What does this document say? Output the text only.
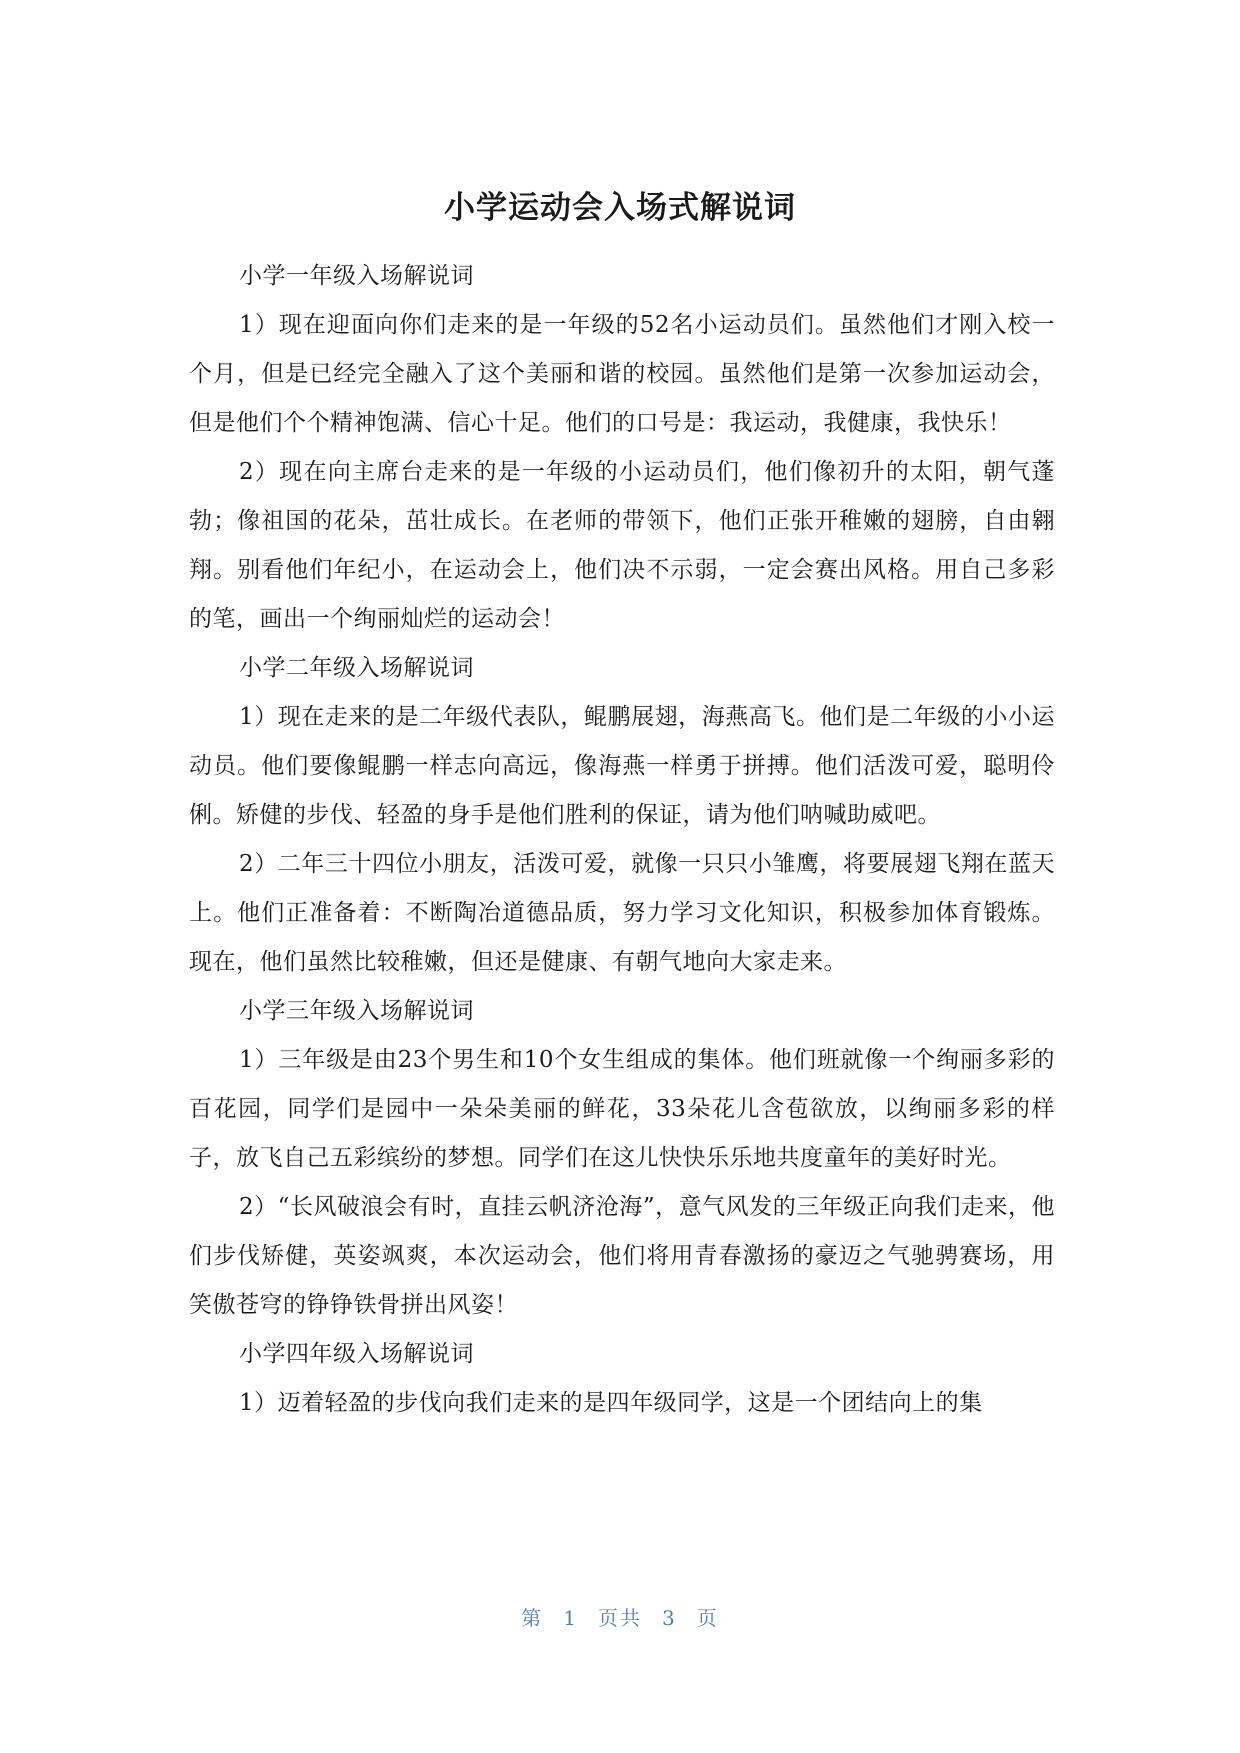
小学运动会入场式解说词

小学一年级入场解说词

1）现在迎面向你们走来的是一年级的52名小运动员们。虽然他们才刚入校一个月，但是已经完全融入了这个美丽和谐的校园。虽然他们是第一次参加运动会，但是他们个个精神饱满、信心十足。他们的口号是：我运动，我健康，我快乐！

2）现在向主席台走来的是一年级的小运动员们，他们像初升的太阳，朝气蓬勃；像祖国的花朵，茁壮成长。在老师的带领下，他们正张开稚嫩的翅膀，自由翱翔。别看他们年纪小，在运动会上，他们决不示弱，一定会赛出风格。用自己多彩的笔，画出一个绚丽灿烂的运动会！

小学二年级入场解说词

1）现在走来的是二年级代表队，鲲鹏展翅，海燕高飞。他们是二年级的小小运动员。他们要像鲲鹏一样志向高远，像海燕一样勇于拼搏。他们活泼可爱，聪明伶俐。矫健的步伐、轻盈的身手是他们胜利的保证，请为他们呐喊助威吧。

2）二年三十四位小朋友，活泼可爱，就像一只只小雏鹰，将要展翅飞翔在蓝天上。他们正准备着：不断陶冶道德品质，努力学习文化知识，积极参加体育锻炼。现在，他们虽然比较稚嫩，但还是健康、有朝气地向大家走来。

小学三年级入场解说词

1）三年级是由23个男生和10个女生组成的集体。他们班就像一个绚丽多彩的百花园，同学们是园中一朵朵美丽的鲜花，33朵花儿含苞欲放，以绚丽多彩的样子，放飞自己五彩缤纷的梦想。同学们在这儿快快乐乐地共度童年的美好时光。

2）“长风破浪会有时，直挂云帆济沧海”，意气风发的三年级正向我们走来，他们步伐矫健，英姿飒爽，本次运动会，他们将用青春激扬的豪迈之气驰骋赛场，用笑傲苍穹的铮铮铁骨拼出风姿！

小学四年级入场解说词

1）迈着轻盈的步伐向我们走来的是四年级同学，这是一个团结向上的集

第 1 页共 3 页
